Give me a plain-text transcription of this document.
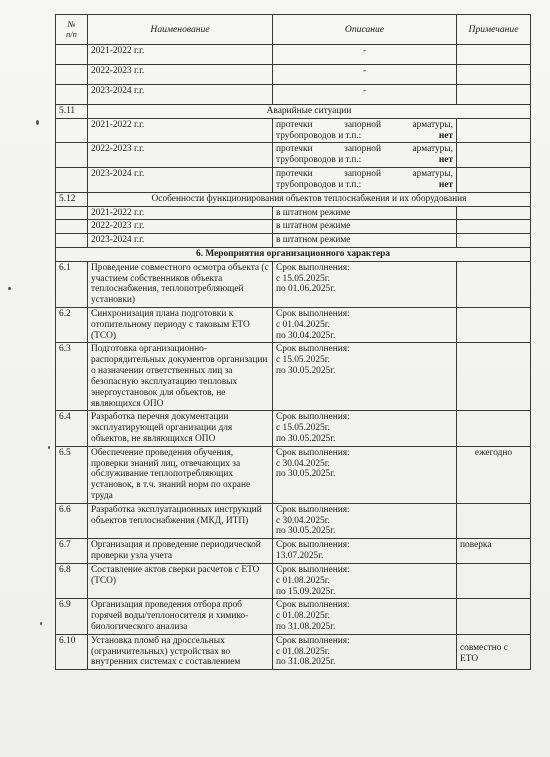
№
п/п	Наименование	Описание	Примечание
	2021-2022 г.г.	-	
	2022-2023 г.г.	-	
	2023-2024 г.г.	-	
5.11	Аварийные ситуации		
	2021-2022 г.г.	протечки запорной арматуры, трубопроводов и т.п.: нет	

	2022-2023 г.г.	протечки запорной арматуры, трубопроводов и т.п.: нет	

	2023-2024 г.г.	протечки запорной арматуры, трубопроводов и т.п.: нет	

5.12	Особенности функционирования объектов теплоснабжения и их оборудования		
	2021-2022 г.г.	в штатном режиме	
	2022-2023 г.г.	в штатном режиме	
	2023-2024 г.г.	в штатном режиме	
6. Мероприятия организационного характера			
6.1	Проведение совместного осмотра объекта (с участием собственников объекта теплоснабжения, теплопотребляющей установки)	Срок выполнения:
с 15.05.2025г.
по 01.06.2025г.	

6.2	Синхронизация плана подготовки к отопительному периоду с таковым ЕТО (ТСО)	Срок выполнения:
с 01.04.2025г.
по 30.04.2025г.	

6.3	Подготовка организационно-распорядительных документов организации о назначении ответственных лиц за безопасную эксплуатацию тепловых энергоустановок для объектов, не являющихся ОПО	Срок выполнения:
с 15.05.2025г.
по 30.05.2025г.	

6.4	Разработка перечня документации эксплуатирующей организации для объектов, не являющихся ОПО	Срок выполнения:
с 15.05.2025г.
по 30.05.2025г.	

6.5	Обеспечение проведения обучения, проверки знаний лиц, отвечающих за обслуживание теплопотребляющих установок, в т.ч. знаний норм по охране труда	Срок выполнения:
с 30.04.2025г.
по 30.05.2025г.	ежегодно
6.6	Разработка эксплуатационных инструкций объектов теплоснабжения (МКД, ИТП)	Срок выполнения:
с 30.04.2025г.
по 30.05.2025г.	

6.7	Организация и проведение периодической проверки узла учета	Срок выполнения:
13.07.2025г.	поверка
6.8	Составление актов сверки расчетов с ЕТО (ТСО)	Срок выполнения:
с 01.08.2025г.
по 15.09.2025г.	

6.9	Организация проведения отбора проб горячей воды/теплоносителя и химико-биологического анализа	Срок выполнения:
с 01.08.2025г.
по 31.08.2025г.	

6.10	Установка пломб на дроссельных (ограничительных) устройствах во внутренних системах с составлением	Срок выполнения:
с 01.08.2025г.
по 31.08.2025г.	совместно с ЕТО
